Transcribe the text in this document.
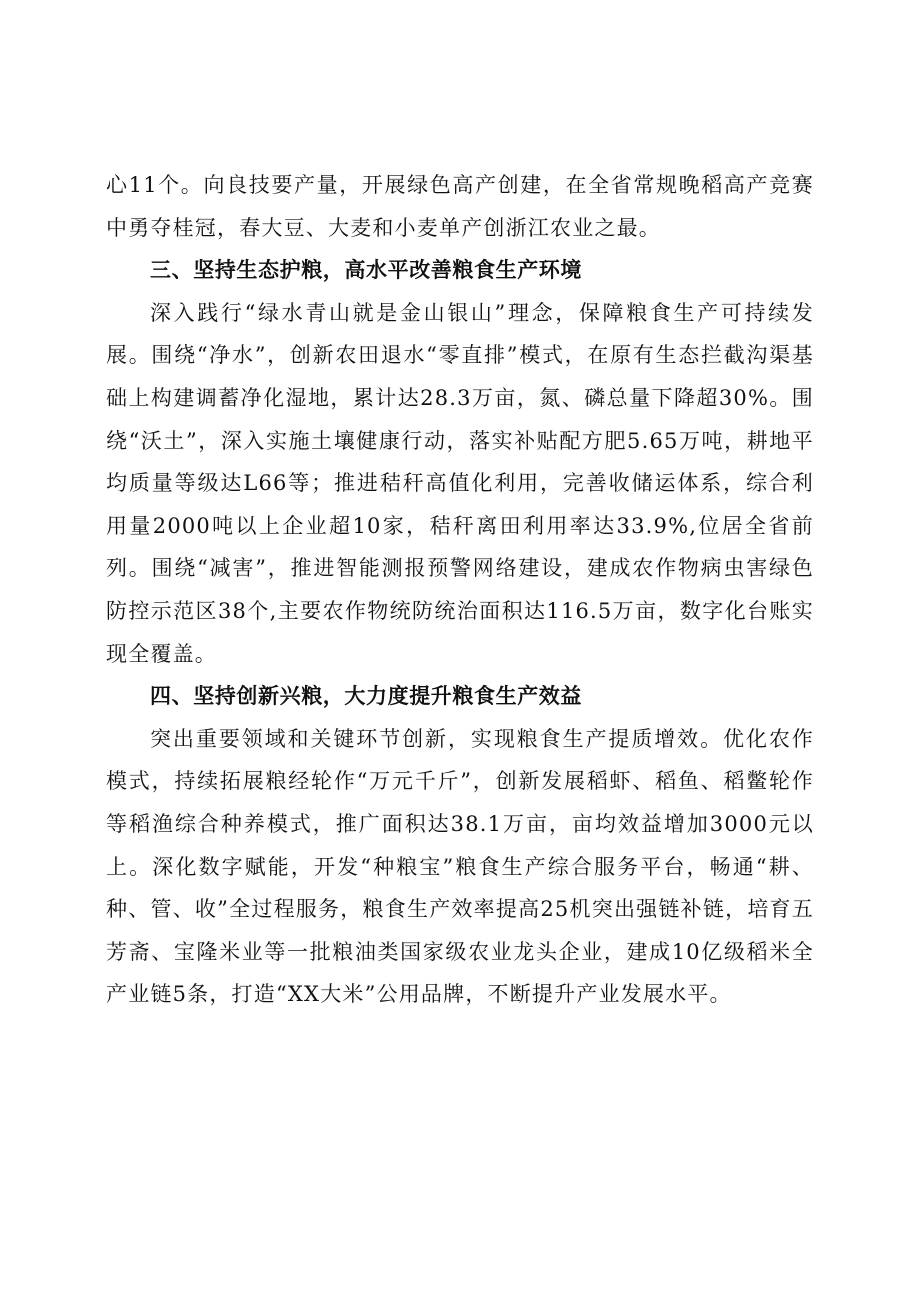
心11个。向良技要产量，开展绿色高产创建，在全省常规晚稻高产竞赛中勇夺桂冠，春大豆、大麦和小麦单产创浙江农业之最。

三、坚持生态护粮，高水平改善粮食生产环境

深入践行“绿水青山就是金山银山”理念，保障粮食生产可持续发展。围绕“净水”，创新农田退水“零直排”模式，在原有生态拦截沟渠基础上构建调蓄净化湿地，累计达28.3万亩，氮、磷总量下降超30%。围绕“沃土”，深入实施土壤健康行动，落实补贴配方肥5.65万吨，耕地平均质量等级达L66等；推进秸秆高值化利用，完善收储运体系，综合利用量2000吨以上企业超10家，秸秆离田利用率达33.9%,位居全省前列。围绕“减害”，推进智能测报预警网络建设，建成农作物病虫害绿色防控示范区38个,主要农作物统防统治面积达116.5万亩，数字化台账实现全覆盖。

四、坚持创新兴粮，大力度提升粮食生产效益

突出重要领域和关键环节创新，实现粮食生产提质增效。优化农作模式，持续拓展粮经轮作“万元千斤”，创新发展稻虾、稻鱼、稻鳖轮作等稻渔综合种养模式，推广面积达38.1万亩，亩均效益增加3000元以上。深化数字赋能，开发“种粮宝”粮食生产综合服务平台，畅通“耕、种、管、收”全过程服务，粮食生产效率提高25机突出强链补链，培育五芳斋、宝隆米业等一批粮油类国家级农业龙头企业，建成10亿级稻米全产业链5条，打造“XX大米”公用品牌，不断提升产业发展水平。
